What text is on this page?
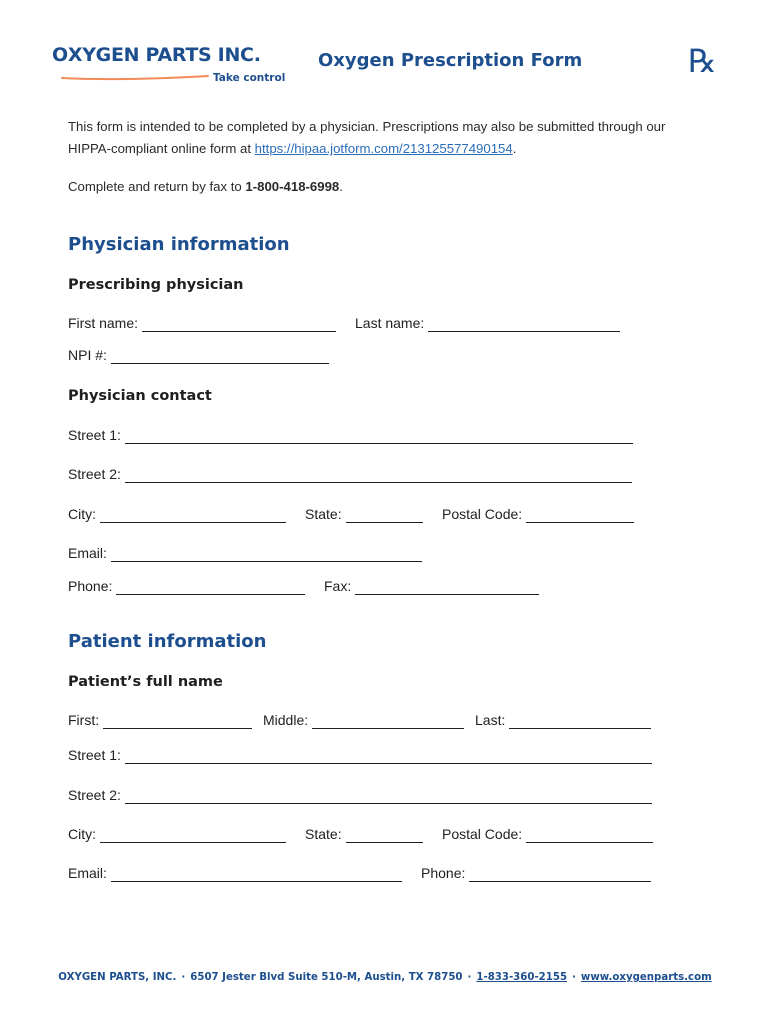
OXYGEN PARTS INC.
Take control
Oxygen Prescription Form	℞
This form is intended to be completed by a physician. Prescriptions may also be submitted through our HIPPA-compliant online form at https://hipaa.jotform.com/213125577490154.
Complete and return by fax to 1-800-418-6998.
Physician information
Prescribing physician
First name:	Last name:
NPI #:
Physician contact
Street 1:
Street 2:
City:	State:	Postal Code:
Email:
Phone:	Fax:
Patient information
Patient’s full name
First:	Middle:	Last:
Street 1:
Street 2:
City:	State:	Postal Code:
Email:	Phone:
OXYGEN PARTS, INC. · 6507 Jester Blvd Suite 510-M, Austin, TX 78750 · 1-833-360-2155 · www.oxygenparts.com
